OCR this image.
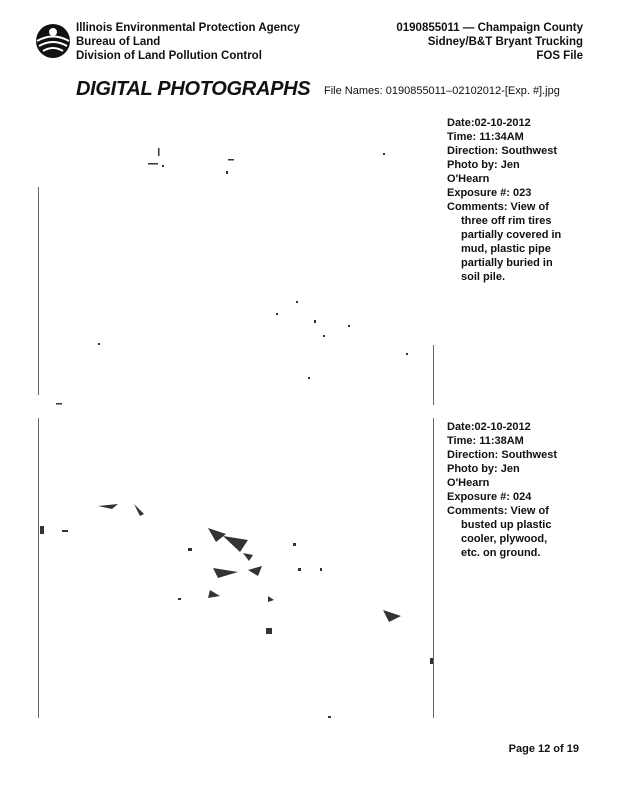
Illinois Environmental Protection Agency
Bureau of Land
Division of Land Pollution Control
0190855011 — Champaign County
Sidney/B&T Bryant Trucking
FOS File
DIGITAL PHOTOGRAPHS File Names: 0190855011–02102012-[Exp. #].jpg
Date:02-10-2012
Time: 11:34AM
Direction: Southwest
Photo by: Jen
O'Hearn
Exposure #: 023
Comments: View of
three off rim tires
partially covered in
mud, plastic pipe
partially buried in
soil pile.
Date:02-10-2012
Time: 11:38AM
Direction: Southwest
Photo by: Jen
O'Hearn
Exposure #: 024
Comments: View of
busted up plastic
cooler, plywood,
etc. on ground.
Page 12 of 19
